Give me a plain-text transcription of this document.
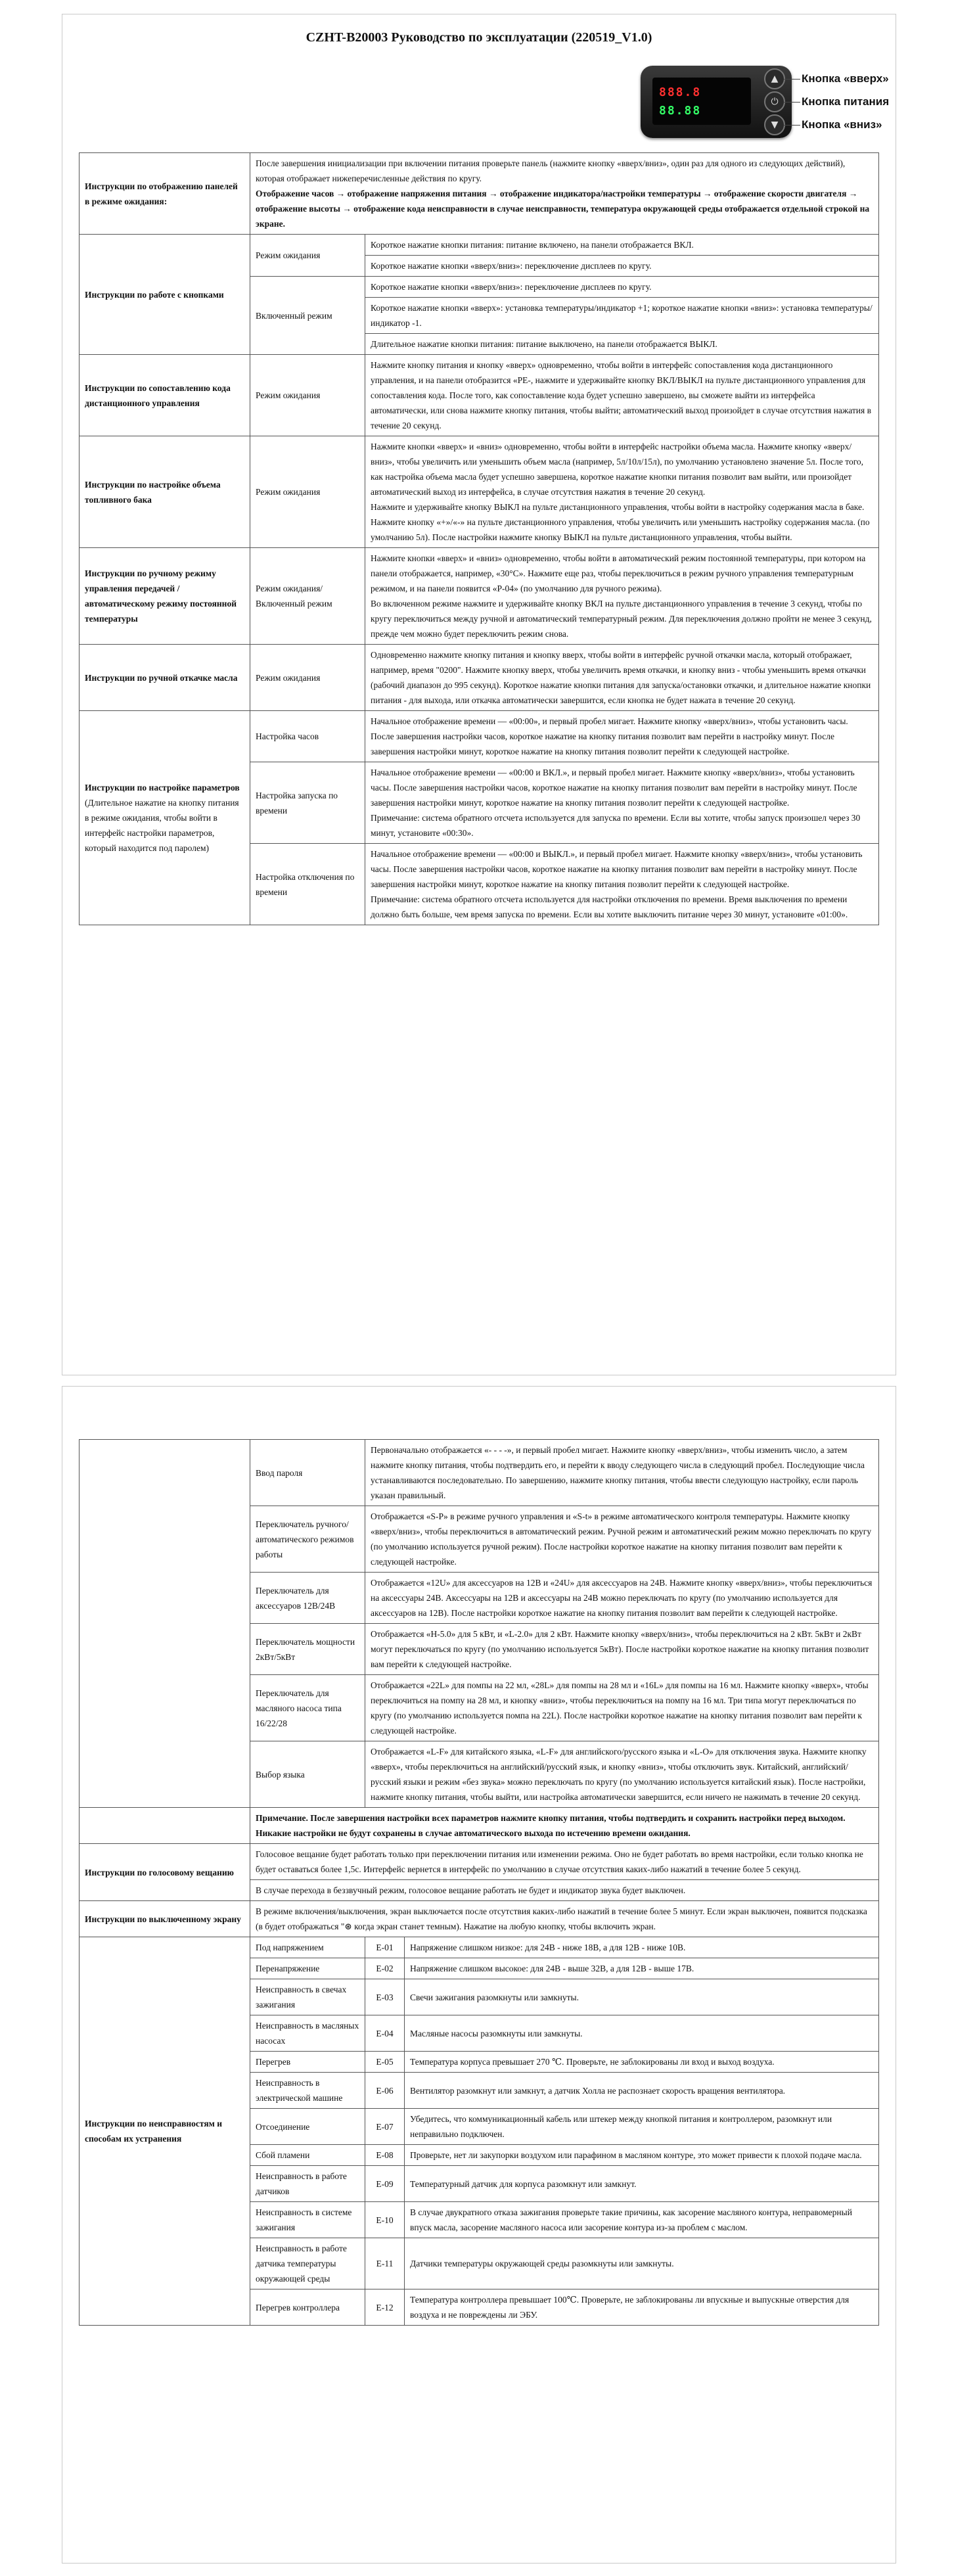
CZHT-B20003 Руководство по эксплуатации (220519_V1.0)
888.8
88.88
▲
⏻
▼
Кнопка «вверх»
Кнопка питания
Кнопка «вниз»
Инструкции по отображению панелей в режиме ожидания:	После завершения инициализации при включении питания проверьте панель (нажмите кнопку «вверх/вниз», один раз для одного из следующих действий), которая отображает нижеперечисленные действия по кругу.

Отображение часов → отображение напряжения питания → отображение индикатора/настройки температуры → отображение скорости двигателя → отображение высоты → отображение кода неисправности в случае неисправности, температура окружающей среды отображается отдельной строкой на экране.	

Инструкции по работе с кнопками	Режим ожидания	Короткое нажатие кнопки питания: питание включено, на панели отображается ВКЛ.
		Короткое нажатие кнопки «вверх/вниз»: переключение дисплеев по кругу.
	Включенный режим	Короткое нажатие кнопки «вверх/вниз»: переключение дисплеев по кругу.
		Короткое нажатие кнопки «вверх»: установка температуры/индикатор +1; короткое нажатие кнопки «вниз»: установка температуры/индикатор -1.
		Длительное нажатие кнопки питания: питание выключено, на панели отображается ВЫКЛ.
Инструкции по сопоставлению кода дистанционного управления	Режим ожидания	Нажмите кнопку питания и кнопку «вверх» одновременно, чтобы войти в интерфейс сопоставления кода дистанционного управления, и на панели отобразится «PE-, нажмите и удерживайте кнопку ВКЛ/ВЫКЛ на пульте дистанционного управления для сопоставления кода. После того, как сопоставление кода будет успешно завершено, вы сможете выйти из интерфейса автоматически, или снова нажмите кнопку питания, чтобы выйти; автоматический выход произойдет в случае отсутствия нажатия в течение 20 секунд.
Инструкции по настройке объема топливного бака	Режим ожидания	Нажмите кнопки «вверх» и «вниз» одновременно, чтобы войти в интерфейс настройки объема масла. Нажмите кнопку «вверх/вниз», чтобы увеличить или уменьшить объем масла (например, 5л/10л/15л), по умолчанию установлено значение 5л. После того, как настройка объема масла будет успешно завершена, короткое нажатие кнопки питания позволит вам выйти, или произойдет автоматический выход из интерфейса, в случае отсутствия нажатия в течение 20 секунд.

Нажмите и удерживайте кнопку ВЫКЛ на пульте дистанционного управления, чтобы войти в настройку содержания масла в баке. Нажмите кнопку «+»/«-» на пульте дистанционного управления, чтобы увеличить или уменьшить настройку содержания масла. (по умолчанию 5л). После настройки нажмите кнопку ВЫКЛ на пульте дистанционного управления, чтобы выйти.

Инструкции по ручному режиму управления передачей / автоматическому режиму постоянной температуры	Режим ожидания/Включенный режим	Нажмите кнопки «вверх» и «вниз» одновременно, чтобы войти в автоматический режим постоянной температуры, при котором на панели отображается, например, «30°C». Нажмите еще раз, чтобы переключиться в режим ручного управления температурным режимом, и на панели появится «P-04» (по умолчанию для ручного режима).

Во включенном режиме нажмите и удерживайте кнопку ВКЛ на пульте дистанционного управления в течение 3 секунд, чтобы по кругу переключиться между ручной и автоматический температурный режим. Для переключения должно пройти не менее 3 секунд, прежде чем можно будет переключить режим снова.

Инструкции по ручной откачке масла	Режим ожидания	Одновременно нажмите кнопку питания и кнопку вверх, чтобы войти в интерфейс ручной откачки масла, который отображает, например, время "0200". Нажмите кнопку вверх, чтобы увеличить время откачки, и кнопку вниз - чтобы уменьшить время откачки (рабочий диапазон до 995 секунд). Короткое нажатие кнопки питания для запуска/остановки откачки, и длительное нажатие кнопки питания - для выхода, или откачка автоматически завершится, если кнопка не будет нажата в течение 20 секунд.
Инструкции по настройке параметров
(Длительное нажатие на кнопку питания в режиме ожидания, чтобы войти в интерфейс настройки параметров, который находится под паролем)	Настройка часов	Начальное отображение времени — «00:00», и первый пробел мигает. Нажмите кнопку «вверх/вниз», чтобы установить часы. После завершения настройки часов, короткое нажатие на кнопку питания позволит вам перейти в настройку минут. После завершения настройки минут, короткое нажатие на кнопку питания позволит перейти к следующей настройке.
	Настройка запуска по времени	Начальное отображение времени — «00:00 и ВКЛ.», и первый пробел мигает. Нажмите кнопку «вверх/вниз», чтобы установить часы. После завершения настройки часов, короткое нажатие на кнопку питания позволит вам перейти в настройку минут. После завершения настройки минут, короткое нажатие на кнопку питания позволит перейти к следующей настройке.

Примечание: система обратного отсчета используется для запуска по времени. Если вы хотите, чтобы запуск произошел через 30 минут, установите «00:30».

	Настройка отключения по времени	Начальное отображение времени — «00:00 и ВЫКЛ.», и первый пробел мигает. Нажмите кнопку «вверх/вниз», чтобы установить часы. После завершения настройки часов, короткое нажатие на кнопку питания позволит вам перейти в настройку минут. После завершения настройки минут, короткое нажатие на кнопку питания позволит перейти к следующей настройке.

Примечание: система обратного отсчета используется для настройки отключения по времени. Время выключения по времени должно быть больше, чем время запуска по времени. Если вы хотите выключить питание через 30 минут, установите «01:00».

	Ввод пароля	Первоначально отображается «- - - -», и первый пробел мигает. Нажмите кнопку «вверх/вниз», чтобы изменить число, а затем нажмите кнопку питания, чтобы подтвердить его, и перейти к вводу следующего числа в следующий пробел. Последующие числа устанавливаются последовательно. По завершению, нажмите кнопку питания, чтобы ввести следующую настройку, если пароль указан правильный.	
	Переключатель ручного/автоматического режимов работы	Отображается «S-P» в режиме ручного управления и «S-t» в режиме автоматического контроля температуры. Нажмите кнопку «вверх/вниз», чтобы переключиться в автоматический режим. Ручной режим и автоматический режим можно переключать по кругу (по умолчанию используется ручной режим). После настройки короткое нажатие на кнопку питания позволит вам перейти к следующей настройке.	
	Переключатель для аксессуаров 12В/24В	Отображается «12U» для аксессуаров на 12В и «24U» для аксессуаров на 24В. Нажмите кнопку «вверх/вниз», чтобы переключиться на аксессуары 24В. Аксессуары на 12В и аксессуары на 24В можно переключать по кругу (по умолчанию используется для аксессуаров на 12В). После настройки короткое нажатие на кнопку питания позволит вам перейти к следующей настройке.	
	Переключатель мощности 2кВт/5кВт	Отображается «H-5.0» для 5 кВт, и «L-2.0» для 2 кВт. Нажмите кнопку «вверх/вниз», чтобы переключиться на 2 кВт. 5кВт и 2кВт могут переключаться по кругу (по умолчанию используется 5кВт). После настройки короткое нажатие на кнопку питания позволит вам перейти к следующей настройке.	
	Переключатель для масляного насоса типа 16/22/28	Отображается «22L» для помпы на 22 мл, «28L» для помпы на 28 мл и «16L» для помпы на 16 мл. Нажмите кнопку «вверх», чтобы переключиться на помпу на 28 мл, и кнопку «вниз», чтобы переключиться на помпу на 16 мл. Три типа могут переключаться по кругу (по умолчанию используется помпа на 22L). После настройки короткое нажатие на кнопку питания позволит вам перейти к следующей настройке.	
	Выбор языка	Отображается «L-F» для китайского языка, «L-F» для английского/русского языка и «L-O» для отключения звука. Нажмите кнопку «вверх», чтобы переключиться на английский/русский язык, и кнопку «вниз», чтобы отключить звук. Китайский, английский/русский языки и режим «без звука» можно переключать по кругу (по умолчанию используется китайский язык). После настройки, нажмите кнопку питания, чтобы выйти, или настройка автоматически завершится, если ничего не нажимать в течение 20 секунд.	
	Примечание. После завершения настройки всех параметров нажмите кнопку питания, чтобы подтвердить и сохранить настройки перед выходом. Никакие настройки не будут сохранены в случае автоматического выхода по истечению времени ожидания.		
Инструкции по голосовому вещанию	Голосовое вещание будет работать только при переключении питания или изменении режима. Оно не будет работать во время настройки, если только кнопка не будет оставаться более 1,5с. Интерфейс вернется в интерфейс по умолчанию в случае отсутствия каких-либо нажатий в течение более 5 секунд.		
	В случае перехода в беззвучный режим, голосовое вещание работать не будет и индикатор звука будет выключен.		
Инструкции по выключенному экрану	В режиме включения/выключения, экран выключается после отсутствия каких-либо нажатий в течение более 5 минут. Если экран выключен, появится подсказка (в будет отображаться "⊛ когда экран станет темным). Нажатие на любую кнопку, чтобы включить экран.		
Инструкции по неисправностям и способам их устранения	Под напряжением	E-01	Напряжение слишком низкое: для 24В - ниже 18В, а для 12В - ниже 10В.
	Перенапряжение	E-02	Напряжение слишком высокое: для 24В - выше 32В, а для 12В - выше 17В.
	Неисправность в свечах зажигания	E-03	Свечи зажигания разомкнуты или замкнуты.
	Неисправность в масляных насосах	E-04	Масляные насосы разомкнуты или замкнуты.
	Перегрев	E-05	Температура корпуса превышает 270 ℃. Проверьте, не заблокированы ли вход и выход воздуха.
	Неисправность в электрической машине	E-06	Вентилятор разомкнут или замкнут, а датчик Холла не распознает скорость вращения вентилятора.
	Отсоединение	E-07	Убедитесь, что коммуникационный кабель или штекер между кнопкой питания и контроллером, разомкнут или неправильно подключен.
	Сбой пламени	E-08	Проверьте, нет ли закупорки воздухом или парафином в масляном контуре, это может привести к плохой подаче масла.
	Неисправность в работе датчиков	E-09	Температурный датчик для корпуса разомкнут или замкнут.
	Неисправность в системе зажигания	E-10	В случае двукратного отказа зажигания проверьте такие причины, как засорение масляного контура, неправомерный впуск масла, засорение масляного насоса или засорение контура из-за проблем с маслом.
	Неисправность в работе датчика температуры окружающей среды	E-11	Датчики температуры окружающей среды разомкнуты или замкнуты.
	Перегрев контроллера	E-12	Температура контроллера превышает 100℃. Проверьте, не заблокированы ли впускные и выпускные отверстия для воздуха и не повреждены ли ЭБУ.
